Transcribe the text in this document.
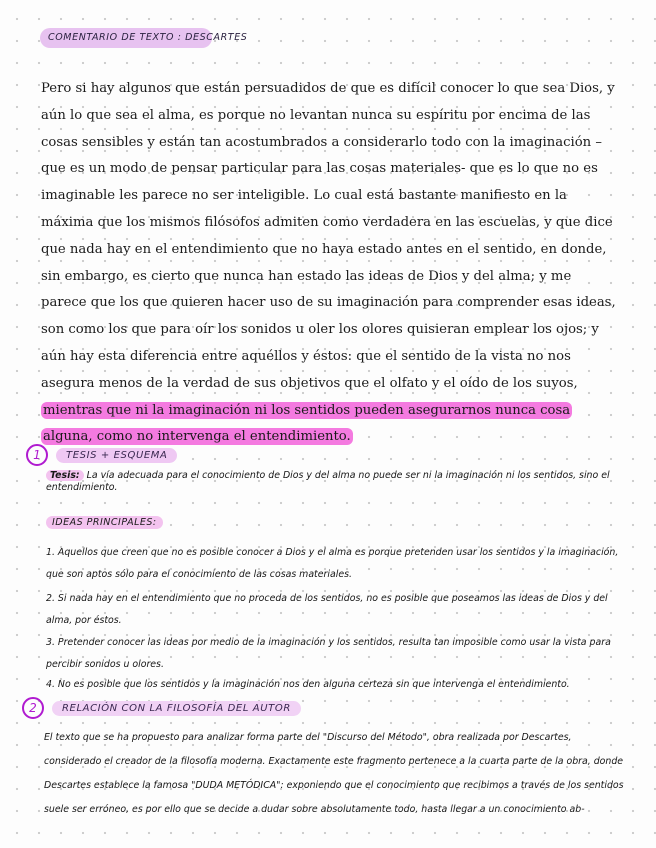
COMENTARIO DE TEXTO : DESCARTES

Pero si hay algunos que están persuadidos de que es difícil conocer lo que sea Dios, y aún lo que sea el alma, es porque no levantan nunca su espíritu por encima de las cosas sensibles y están tan acostumbrados a considerarlo todo con la imaginación –que es un modo de pensar particular para las cosas materiales- que es lo que no es imaginable les parece no ser inteligible. Lo cual está bastante manifiesto en la máxima que los mismos filósofos admiten como verdadera en las escuelas, y que dice que nada hay en el entendimiento que no haya estado antes en el sentido, en donde, sin embargo, es cierto que nunca han estado las ideas de Dios y del alma; y me parece que los que quieren hacer uso de su imaginación para comprender esas ideas, son como los que para oír los sonidos u oler los olores quisieran emplear los ojos; y aún hay esta diferencia entre aquéllos y éstos: que el sentido de la vista no nos asegura menos de la verdad de sus objetivos que el olfato y el oído de los suyos, mientras que ni la imaginación ni los sentidos pueden asegurarnos nunca cosa alguna, como no intervenga el entendimiento.

1	TESIS + ESQUEMA

Tesis: La vía adecuada para el conocimiento de Dios y del alma no puede ser ni la imaginación ni los sentidos, sino el entendimiento.

IDEAS PRINCIPALES:

1. Aquellos que creen que no es posible conocer a Dios y el alma es porque pretenden usar los sentidos y la imaginación, que son aptos sólo para el conocimiento de las cosas materiales.

2. Si nada hay en el entendimiento que no proceda de los sentidos, no es posible que poseamos las ideas de Dios y del alma, por éstos.

3. Pretender conocer las ideas por medio de la imaginación y los sentidos, resulta tan imposible como usar la vista para percibir sonidos u olores.

4. No es posible que los sentidos y la imaginación nos den alguna certeza sin que intervenga el entendimiento.

2	RELACIÓN CON LA FILOSOFÍA DEL AUTOR

El texto que se ha propuesto para analizar forma parte del "Discurso del Método", obra realizada por Descartes, considerado el creador de la filosofía moderna. Exactamente este fragmento pertenece a la cuarta parte de la obra, donde Descartes establece la famosa "DUDA METÓDICA": exponiendo que el conocimiento que recibimos a través de los sentidos suele ser erróneo, es por ello que se decide a dudar sobre absolutamente todo, hasta llegar a un conocimiento ab-
